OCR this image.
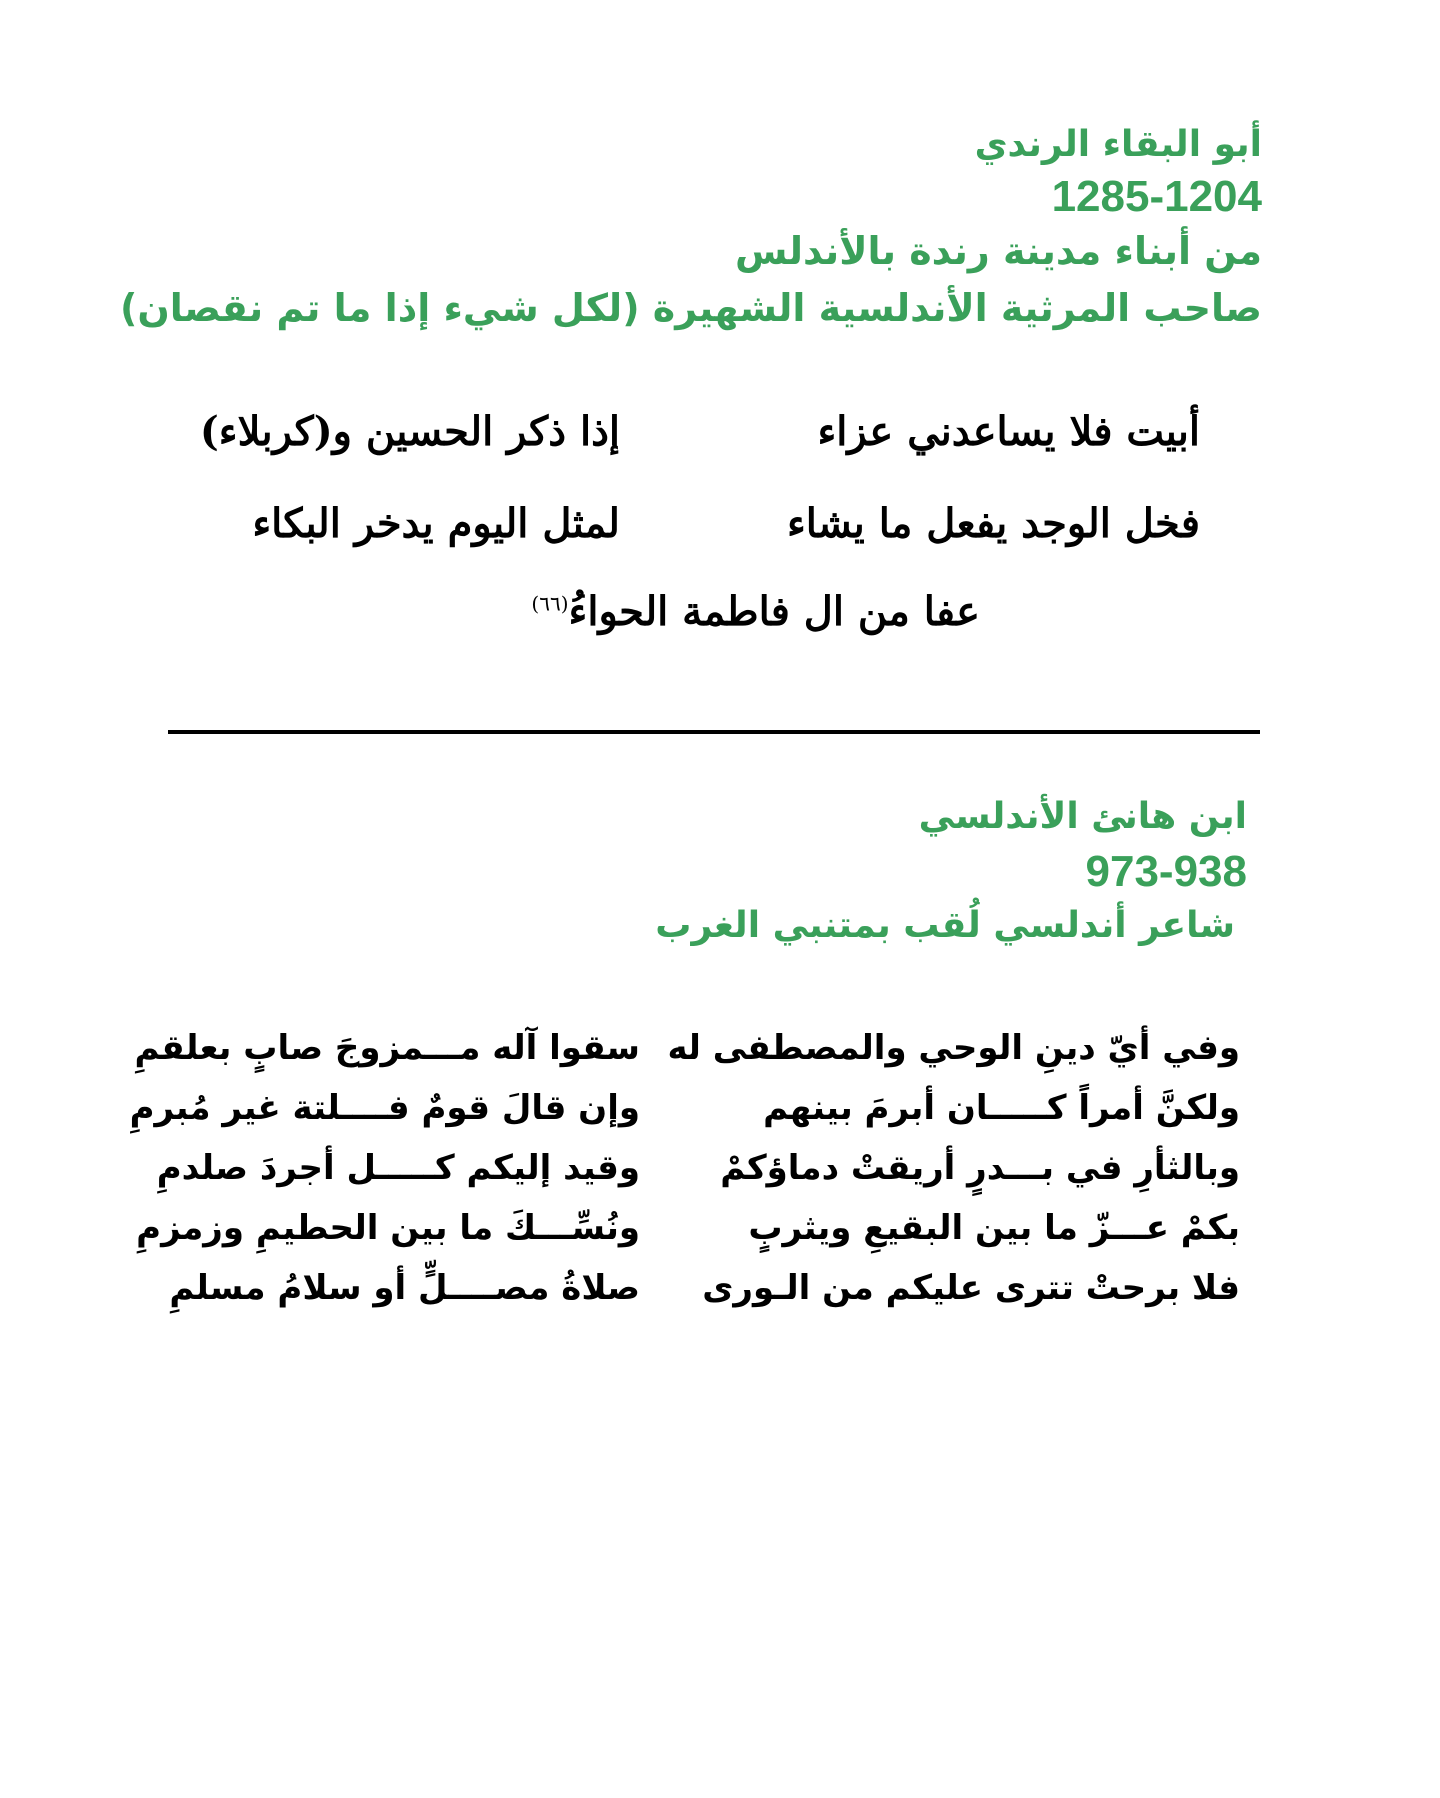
أبو البقاء الرندي
1285-1204
من أبناء مدينة رندة بالأندلس
صاحب المرثية الأندلسية الشهيرة (لكل شيء إذا ما تم نقصان)
أبيت فلا يساعدني عزاء
إذا ذكر الحسين و(كربلاء)
فخل الوجد يفعل ما يشاء
لمثل اليوم يدخر البكاء
عفا من ال فاطمة الحواءُ$^{(٦٦)}$
ابن هانئ الأندلسي
973-938
شاعر أندلسي لُقب بمتنبي الغرب
وفي أيّ دينِ الوحي والمصطفى له
سقوا آله مـــمزوجَ صابٍ بعلقمِ
ولكنَّ أمراً كـــــان أبرمَ بينهم
وإن قالَ قومٌ فــــلتة غير مُبرمِ
وبالثأرِ في بـــدرٍ أريقتْ دماؤكمْ
وقيد إليكم كـــــل أجردَ صلدمِ
بكمْ عـــزّ ما بين البقيعِ ويثربٍ
ونُسِّـــكَ ما بين الحطيمِ وزمزمِ
فلا برحتْ تترى عليكم من الـورى
صلاةُ مصــــلٍّ أو سلامُ مسلمِ
